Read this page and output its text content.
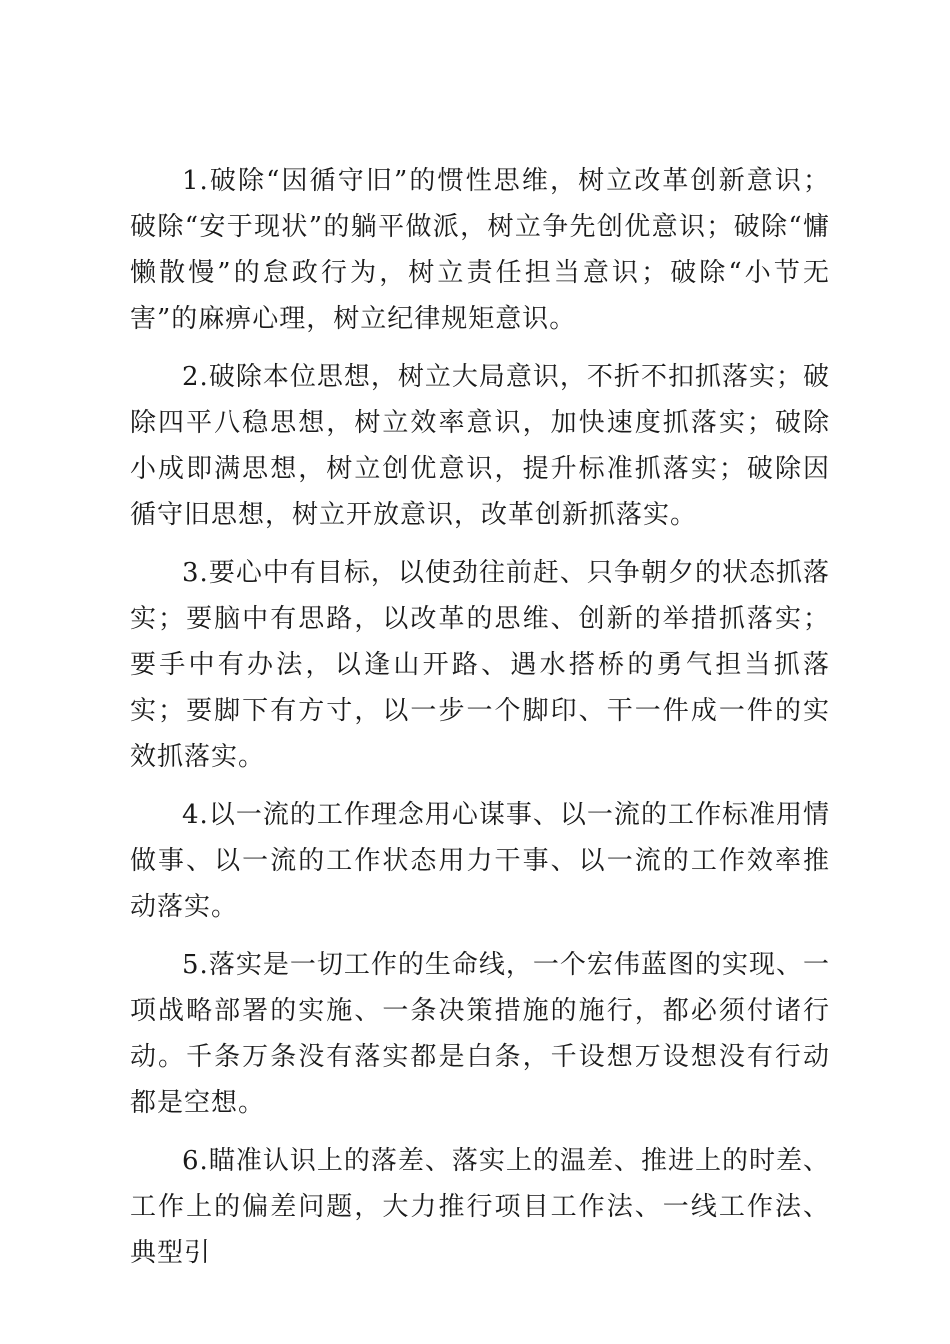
1.破除“因循守旧”的惯性思维，树立改革创新意识；破除“安于现状”的躺平做派，树立争先创优意识；破除“慵懒散慢”的怠政行为，树立责任担当意识；破除“小节无害”的麻痹心理，树立纪律规矩意识。

2.破除本位思想，树立大局意识，不折不扣抓落实；破除四平八稳思想，树立效率意识，加快速度抓落实；破除小成即满思想，树立创优意识，提升标准抓落实；破除因循守旧思想，树立开放意识，改革创新抓落实。

3.要心中有目标，以使劲往前赶、只争朝夕的状态抓落实；要脑中有思路，以改革的思维、创新的举措抓落实；要手中有办法，以逢山开路、遇水搭桥的勇气担当抓落实；要脚下有方寸，以一步一个脚印、干一件成一件的实效抓落实。

4.以一流的工作理念用心谋事、以一流的工作标准用情做事、以一流的工作状态用力干事、以一流的工作效率推动落实。

5.落实是一切工作的生命线，一个宏伟蓝图的实现、一项战略部署的实施、一条决策措施的施行，都必须付诸行动。千条万条没有落实都是白条，千设想万设想没有行动都是空想。

6.瞄准认识上的落差、落实上的温差、推进上的时差、工作上的偏差问题，大力推行项目工作法、一线工作法、典型引
